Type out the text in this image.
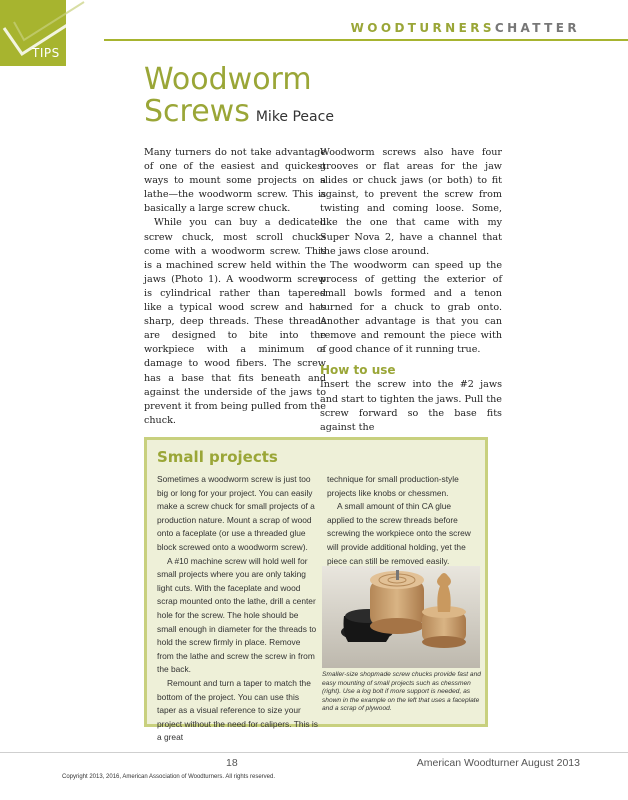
TIPS
WOODTURNERSCHATTER
Woodworm
Screws Mike Peace

Many turners do not take advantage of one of the easiest and quickest ways to mount some projects on a lathe—the woodworm screw. This is basically a large screw chuck.

While you can buy a dedicated screw chuck, most scroll chucks come with a woodworm screw. This is a machined screw held within the jaws (Photo 1). A woodworm screw is cylindrical rather than tapered like a typical wood screw and has sharp, deep threads. These threads are designed to bite into the workpiece with a minimum of damage to wood fibers. The screw has a base that fits beneath and against the underside of the jaws to prevent it from being pulled from the chuck.

Woodworm screws also have four grooves or flat areas for the jaw slides or chuck jaws (or both) to fit against, to prevent the screw from twisting and coming loose. Some, like the one that came with my Super Nova 2, have a channel that the jaws close around.

The woodworm can speed up the process of getting the exterior of small bowls formed and a tenon turned for a chuck to grab onto. Another advantage is that you can remove and remount the piece with a good chance of it running true.

How to use

Insert the screw into the #2 jaws and start to tighten the jaws. Pull the screw forward so the base fits against the

Small projects

Sometimes a woodworm screw is just too big or long for your project. You can easily make a screw chuck for small projects of a production nature. Mount a scrap of wood onto a faceplate (or use a threaded glue block screwed onto a woodworm screw).

A #10 machine screw will hold well for small projects where you are only taking light cuts. With the faceplate and wood scrap mounted onto the lathe, drill a center hole for the screw. The hole should be small enough in diameter for the threads to hold the screw firmly in place. Remove from the lathe and screw the screw in from the back.

Remount and turn a taper to match the bottom of the project. You can use this taper as a visual reference to size your project without the need for calipers. This is a great

technique for small production-style projects like knobs or chessmen.

A small amount of thin CA glue applied to the screw threads before screwing the workpiece onto the screw will provide additional holding, yet the piece can still be removed easily.

Smaller-size shopmade screw chucks provide fast and easy mounting of small projects such as chessmen (right). Use a log bolt if more support is needed, as shown in the example on the left that uses a faceplate and a scrap of plywood.
18	American Woodturner August 2013
Copyright 2013, 2016, American Association of Woodturners. All rights reserved.
